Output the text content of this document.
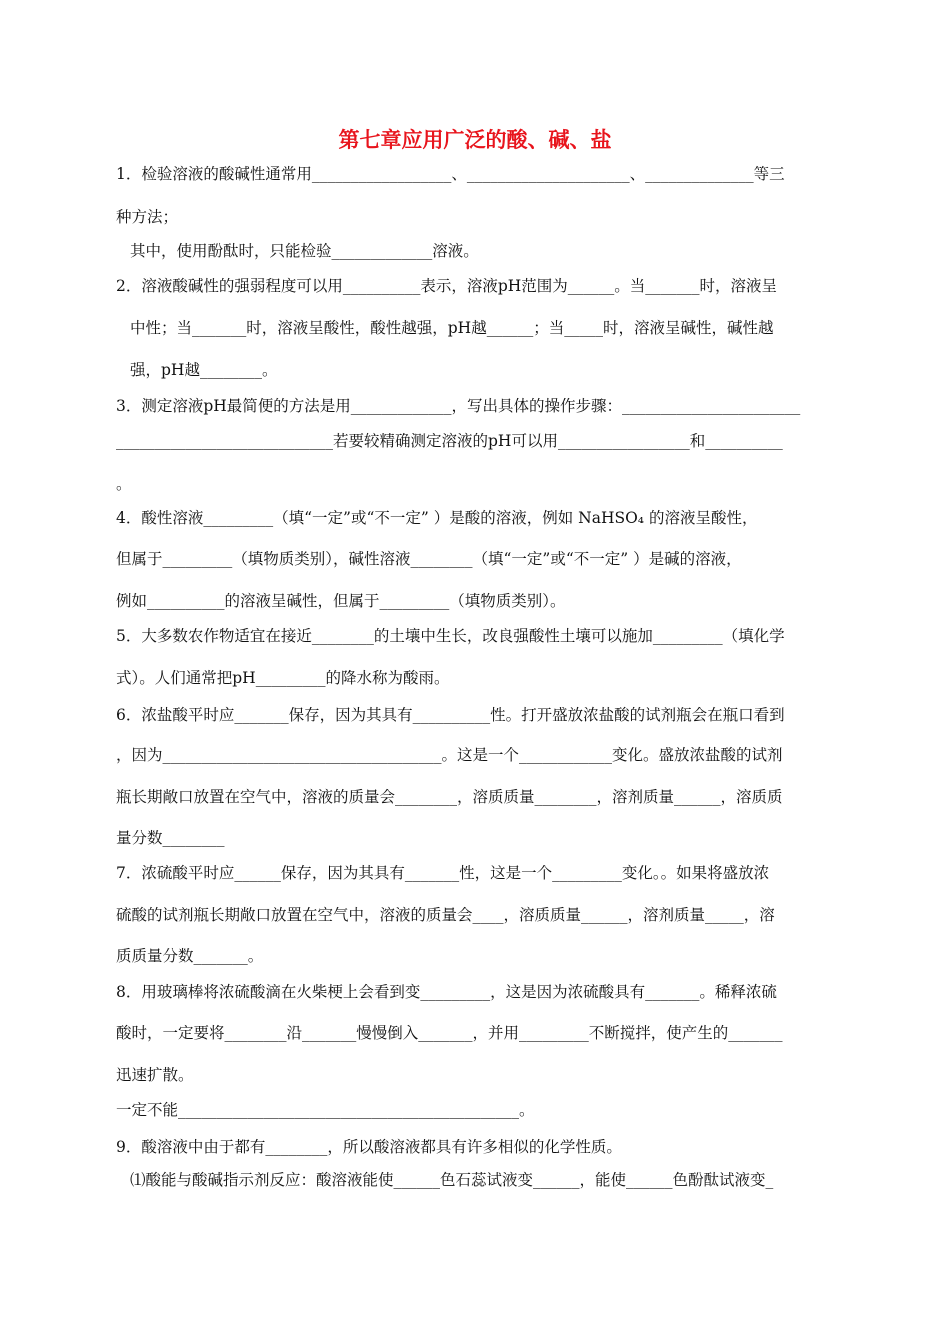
第七章应用广泛的酸、碱、盐
1．检验溶液的酸碱性通常用__________________、_____________________、______________等三
种方法；
其中，使用酚酞时，只能检验_____________溶液。
2．溶液酸碱性的强弱程度可以用__________表示，溶液pH范围为______。当_______时，溶液呈
中性；当_______时，溶液呈酸性，酸性越强，pH越______；当_____时，溶液呈碱性，碱性越
强，pH越________。
3．测定溶液pH最简便的方法是用_____________，写出具体的操作步骤：_______________________
____________________________若要较精确测定溶液的pH可以用_________________和__________
。
4．酸性溶液_________（填“一定”或“不一定” ）是酸的溶液，例如 NaHSO₄ 的溶液呈酸性，
但属于_________（填物质类别），碱性溶液________（填“一定”或“不一定” ）是碱的溶液，
例如__________的溶液呈碱性，但属于_________（填物质类别）。
5．大多数农作物适宜在接近________的土壤中生长，改良强酸性土壤可以施加_________（填化学
式）。人们通常把pH_________的降水称为酸雨。
6．浓盐酸平时应_______保存，因为其具有__________性。打开盛放浓盐酸的试剂瓶会在瓶口看到
，因为____________________________________。这是一个____________变化。盛放浓盐酸的试剂
瓶长期敞口放置在空气中，溶液的质量会________，溶质质量________，溶剂质量______，溶质质
量分数________
7．浓硫酸平时应______保存，因为其具有_______性，这是一个_________变化。。如果将盛放浓
硫酸的试剂瓶长期敞口放置在空气中，溶液的质量会____，溶质质量______，溶剂质量_____，溶
质质量分数_______。
8．用玻璃棒将浓硫酸滴在火柴梗上会看到变_________，这是因为浓硫酸具有_______。稀释浓硫
酸时，一定要将________沿_______慢慢倒入_______，并用_________不断搅拌，使产生的_______
迅速扩散。
一定不能____________________________________________。
9．酸溶液中由于都有________，所以酸溶液都具有许多相似的化学性质。
⑴酸能与酸碱指示剂反应：酸溶液能使______色石蕊试液变______，能使______色酚酞试液变_
